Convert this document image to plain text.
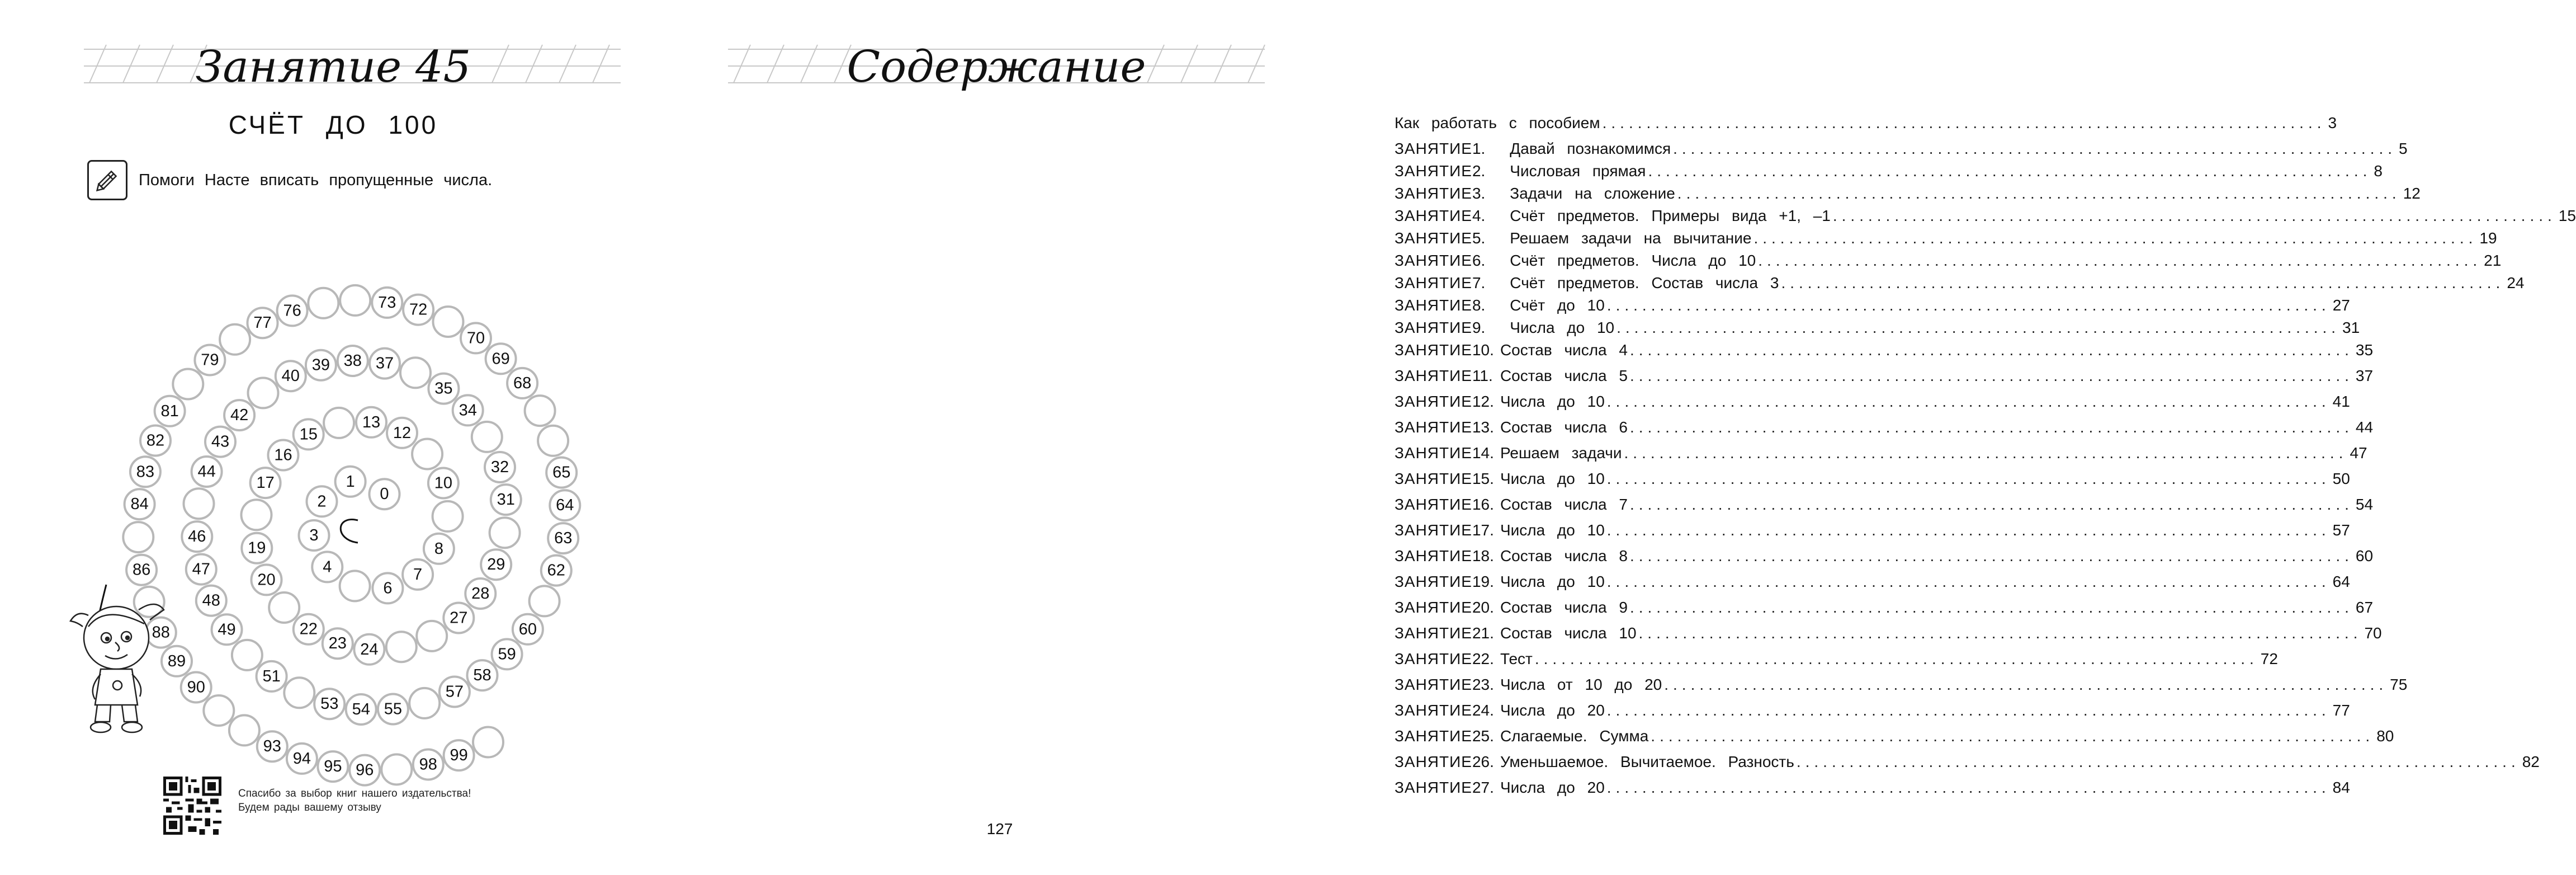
Занятие 45
СЧЁТ ДО 100
Помоги Насте вписать пропущенные числа.
0
1
2
3
4
6
7
8
10
12
13
15
16
17
19
20
22
23 24
27
28
29
31
32
34
35
37
38
39
40
42
43
44
46
47
48
49
51
53 54 55
57
58
59
60
62
63
64
65
68
69
70
72
73
76
77
79
81
82
83
84
86
88
89
90
93
94 95 96	98
99
Спасибо за выбор книг нашего издательства!
Будем рады вашему отзыву
Содержание
Как работать с пособием .................................................................................. 3
ЗАНЯТИЕ 1. Давай познакомимся .................................................................................. 5
ЗАНЯТИЕ 2. Числовая прямая .................................................................................. 8
ЗАНЯТИЕ 3. Задачи на сложение .................................................................................. 12
ЗАНЯТИЕ 4. Счёт предметов. Примеры вида +1, –1 .................................................................................. 15
ЗАНЯТИЕ 5. Решаем задачи на вычитание .................................................................................. 19
ЗАНЯТИЕ 6. Счёт предметов. Числа до 10 .................................................................................. 21
ЗАНЯТИЕ 7. Счёт предметов. Состав числа 3 .................................................................................. 24
ЗАНЯТИЕ 8. Счёт до 10 .................................................................................. 27
ЗАНЯТИЕ 9. Числа до 10 .................................................................................. 31
ЗАНЯТИЕ 10. Состав числа 4 .................................................................................. 35
ЗАНЯТИЕ 11. Состав числа 5 .................................................................................. 37
ЗАНЯТИЕ 12. Числа до 10 .................................................................................. 41
ЗАНЯТИЕ 13. Состав числа 6 .................................................................................. 44
ЗАНЯТИЕ 14. Решаем задачи .................................................................................. 47
ЗАНЯТИЕ 15. Числа до 10 .................................................................................. 50
ЗАНЯТИЕ 16. Состав числа 7 .................................................................................. 54
ЗАНЯТИЕ 17. Числа до 10 .................................................................................. 57
ЗАНЯТИЕ 18. Состав числа 8 .................................................................................. 60
ЗАНЯТИЕ 19. Числа до 10 .................................................................................. 64
ЗАНЯТИЕ 20. Состав числа 9 .................................................................................. 67
ЗАНЯТИЕ 21. Состав числа 10 .................................................................................. 70
ЗАНЯТИЕ 22. Тест .................................................................................. 72
ЗАНЯТИЕ 23. Числа от 10 до 20 .................................................................................. 75
ЗАНЯТИЕ 24. Числа до 20 .................................................................................. 77
ЗАНЯТИЕ 25. Слагаемые. Сумма .................................................................................. 80
ЗАНЯТИЕ 26. Уменьшаемое. Вычитаемое. Разность .................................................................................. 82
ЗАНЯТИЕ 27. Числа до 20 .................................................................................. 84
127
